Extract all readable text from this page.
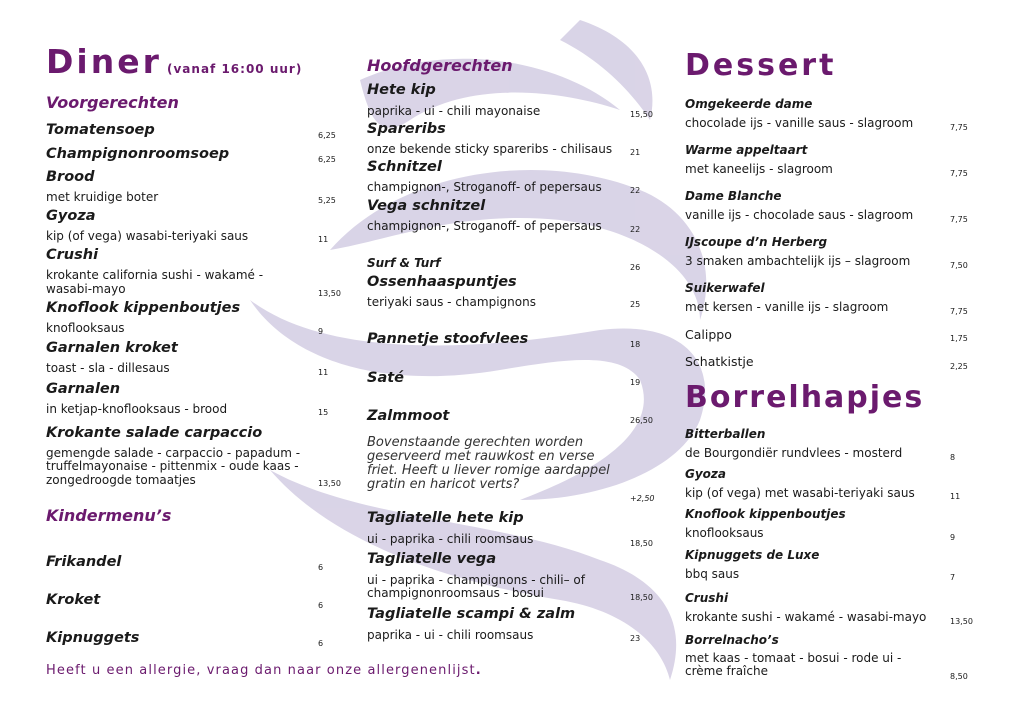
Diner (vanaf 16:00 uur)
Voorgerechten
Tomatensoep	6,25
Champignonroomsoep	6,25
Brood
met kruidige boter	5,25
Gyoza
kip (of vega) wasabi-teriyaki saus	11
Crushi
krokante california sushi - wakamé -
wasabi-mayo	13,50
Knoflook kippenboutjes
knoflooksaus	9
Garnalen kroket
toast - sla - dillesaus	11
Garnalen
in ketjap-knoflooksaus - brood	15
Krokante salade carpaccio
gemengde salade - carpaccio - papadum -
truffelmayonaise - pittenmix - oude kaas -
zongedroogde tomaatjes	13,50
Kindermenu’s
Frikandel	6
Kroket	6
Kipnuggets	6
Heeft u een allergie, vraag dan naar onze allergenenlijst.
Hoofdgerechten
Hete kip
paprika - ui - chili mayonaise	15,50
Spareribs
onze bekende sticky spareribs - chilisaus 21
Schnitzel
champignon-, Stroganoff- of pepersaus	22
Vega schnitzel
champignon-, Stroganoff- of pepersaus	22
Surf & Turf	26
Ossenhaaspuntjes
teriyaki saus - champignons	25
Pannetje stoofvlees	18
Saté	19
Zalmmoot	26,50
Bovenstaande gerechten worden
geserveerd met rauwkost en verse
friet. Heeft u liever romige aardappel
gratin en haricot verts?
+2,50
Tagliatelle hete kip
ui - paprika - chili roomsaus	18,50
Tagliatelle vega
ui - paprika - champignons - chili– of
champignonroomsaus - bosui	18,50
Tagliatelle scampi & zalm
paprika - ui - chili roomsaus	23
Dessert
Omgekeerde dame
chocolade ijs - vanille saus - slagroom	7,75
Warme appeltaart
met kaneelijs - slagroom	7,75
Dame Blanche
vanille ijs - chocolade saus - slagroom	7,75
IJscoupe d’n Herberg
3 smaken ambachtelijk ijs – slagroom	7,50
Suikerwafel
met kersen - vanille ijs - slagroom	7,75
Calippo	1,75
Schatkistje	2,25
Borrelhapjes
Bitterballen
de Bourgondiër rundvlees - mosterd	8
Gyoza
kip (of vega) met wasabi-teriyaki saus	11
Knoflook kippenboutjes
knoflooksaus	9
Kipnuggets de Luxe
bbq saus	7
Crushi
krokante sushi - wakamé - wasabi-mayo	13,50
Borrelnacho’s
met kaas - tomaat - bosui - rode ui -
crème fraîche	8,50
